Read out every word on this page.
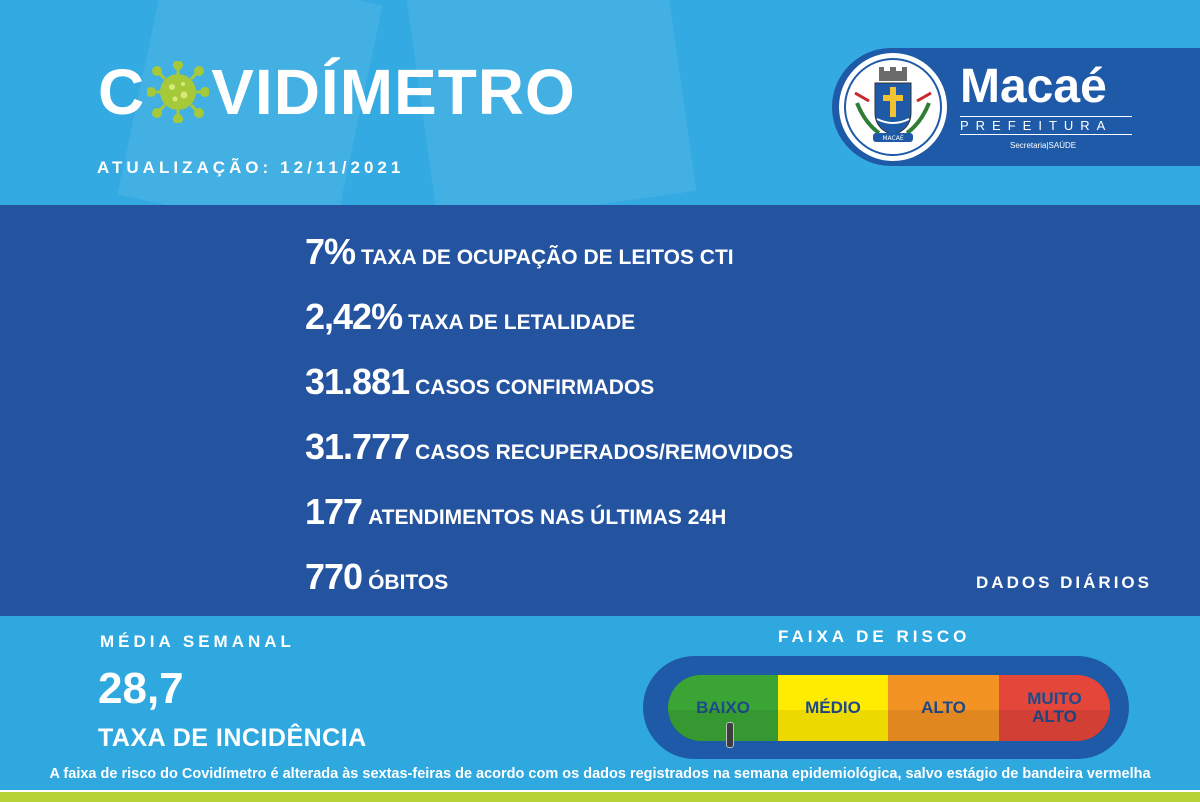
C VIDÍMETRO
ATUALIZAÇÃO: 12/11/2021
MACAÉ
Macaé
PREFEITURA
Secretaria|SAÚDE
7% TAXA DE OCUPAÇÃO DE LEITOS CTI
2,42% TAXA DE LETALIDADE
31.881 CASOS CONFIRMADOS
31.777 CASOS RECUPERADOS/REMOVIDOS
177 ATENDIMENTOS NAS ÚLTIMAS 24H
770 ÓBITOS	DADOS DIÁRIOS
MÉDIA SEMANAL
28,7
TAXA DE INCIDÊNCIA
FAIXA DE RISCO
BAIXO	MÉDIO	ALTO	MUITO ALTO
A faixa de risco do Covidímetro é alterada às sextas-feiras de acordo com os dados registrados na semana epidemiológica, salvo estágio de bandeira vermelha
